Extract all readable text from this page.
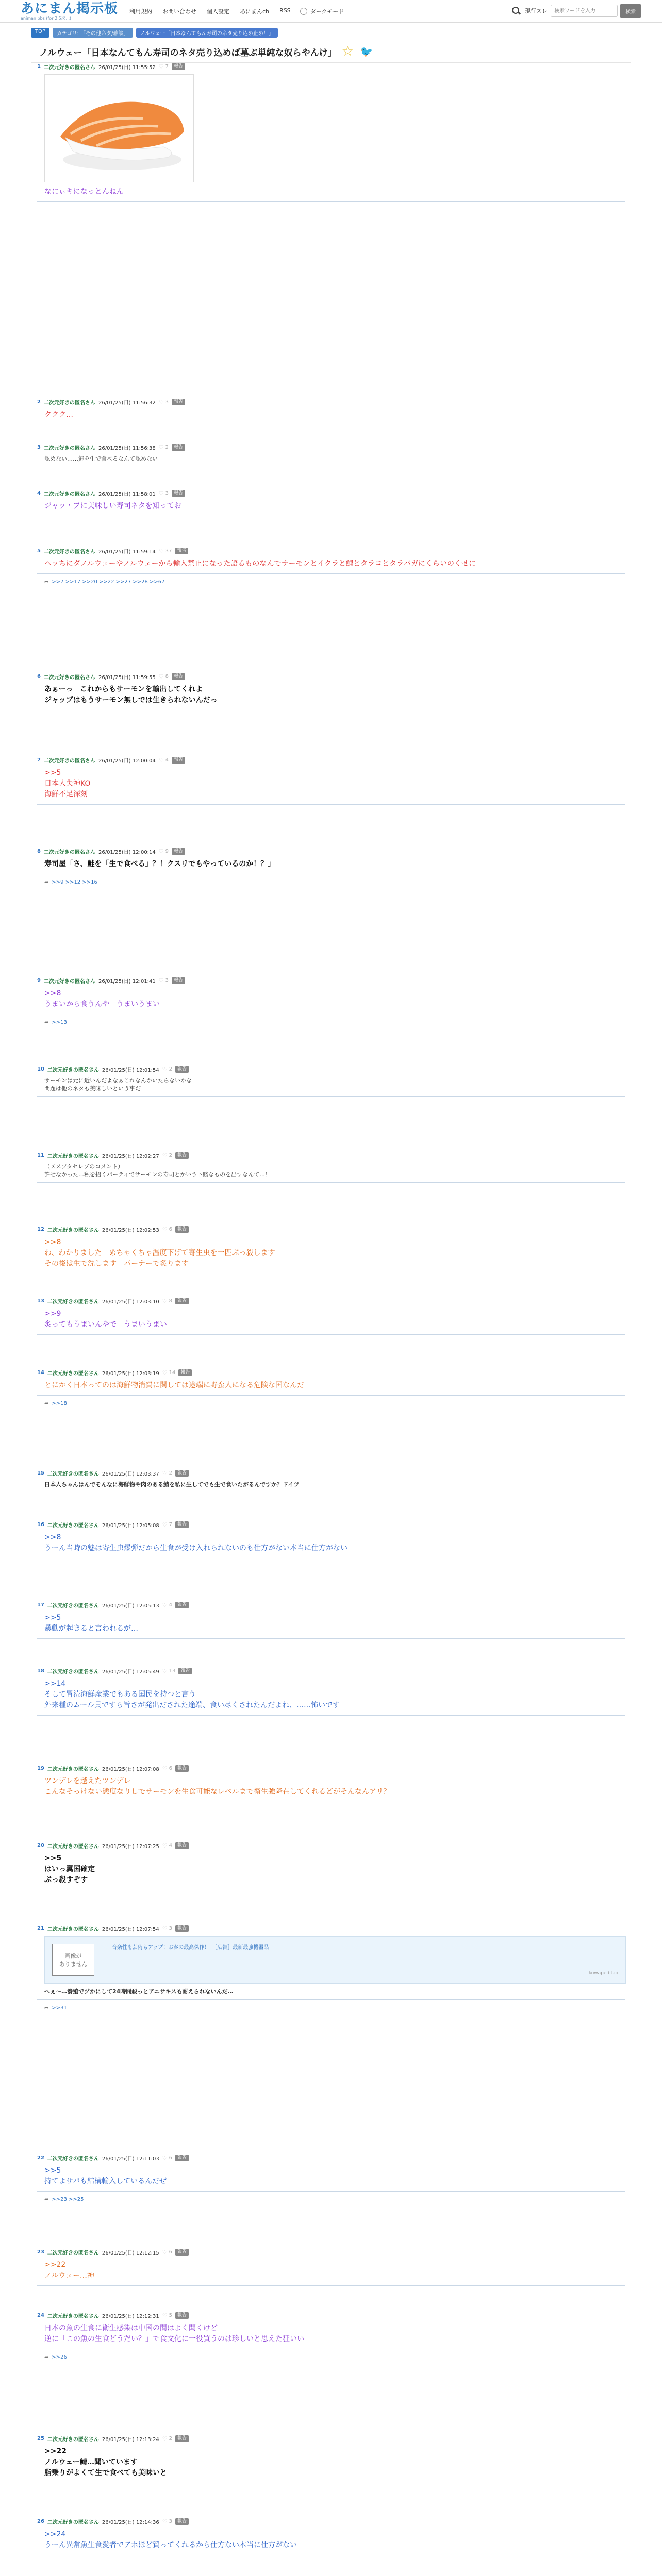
あにまん掲示板
animan bbs (for 2.5次元)
利用規約 お問い合わせ 個人設定 あにまんch RSS	ダークモード	現行スレ
検索ワードを入力	検索
TOP	カテゴリ: 「その他ネタ/雑談」	ノルウェー「日本なんてもん寿司のネタ売り込め止め！」
ノルウェー「日本なんてもん寿司のネタ売り込めば墓ぶ単純な奴らやんけ」 ☆ 🐦
1 二次元好きの匿名さん 26/01/25(日) 11:55:52 ♡ 7	報告
なにぃキになっとんねん
2 二次元好きの匿名さん 26/01/25(日) 11:56:32 ♡ 3	報告
ククク…
3 二次元好きの匿名さん 26/01/25(日) 11:56:38 ♡ 2	報告
認めない……鮭を生で食べるなんて認めない
4 二次元好きの匿名さん 26/01/25(日) 11:58:01 ♡ 3	報告
ジャッ・プに美味しい寿司ネタを知ってお
5 二次元好きの匿名さん 26/01/25(日) 11:59:14 ♡ 37	報告
ヘッちにダノルウェーやノルウェーから輸入禁止になった語るものなんでサーモンとイクラと鯉とタラコとタラバガにくらいのくせに
➦ >>7 >>17 >>20 >>22 >>27 >>28 >>67
6 二次元好きの匿名さん 26/01/25(日) 11:59:55 ♡ 8	報告
あぁーっ　これからもサーモンを輸出してくれよ
ジャップはもうサーモン無しでは生きられないんだっ
7 二次元好きの匿名さん 26/01/25(日) 12:00:04 ♡ 4	報告
>>5
日本人失神KO
海鮮不足深刻
8 二次元好きの匿名さん 26/01/25(日) 12:00:14 ♡ 9	報告
寿司屋「さ、鮭を「生で食べる」？！クスリでもやっているのか！？」
➦ >>9 >>12 >>16
9 二次元好きの匿名さん 26/01/25(日) 12:01:41 ♡ 3	報告
>>8
うまいから食うんや　うまいうまい
➦ >>13
10 二次元好きの匿名さん 26/01/25(日) 12:01:54 ♡ 2	報告
サーモンは元に近いんだよなぁこれなんかいたらないかな
問題は他のネタも美味しいという事だ
11 二次元好きの匿名さん 26/01/25(日) 12:02:27 ♡ 2	報告
（メスプタセレブのコメント）
許せなかった…私を招くパーティでサーモンの寿司とかいう下賤なものを出すなんて…！
12 二次元好きの匿名さん 26/01/25(日) 12:02:53 ♡ 6	報告
>>8
わ、わかりました　めちゃくちゃ温度下げて寄生虫を一匹ぶっ殺します
その後は生で洗します　パーナーで炙ります
13 二次元好きの匿名さん 26/01/25(日) 12:03:10 ♡ 8	報告
>>9
炙ってもうまいんやで　うまいうまい
14 二次元好きの匿名さん 26/01/25(日) 12:03:19 ♡ 14	報告
とにかく日本ってのは海鮮物消費に関しては途端に野蛮人になる危険な国なんだ
➦ >>18
15 二次元好きの匿名さん 26/01/25(日) 12:03:37 ♡ 2	報告
日本人ちゃんはんでそんなに海鮮物や肉のある鯖を私に生してでも生で食いたがるんですか？ドイツ
16 二次元好きの匿名さん 26/01/25(日) 12:05:08 ♡ 7	報告
>>8
うーん当時の魅は寄生虫爆弾だから生食が受け入れられないのも仕方がない本当に仕方がない
17 二次元好きの匿名さん 26/01/25(日) 12:05:13 ♡ 4	報告
>>5
暴動が起きると言われるが…
18 二次元好きの匿名さん 26/01/25(日) 12:05:49 ♡ 13	報告
>>14
そして冒涜海鮮産業でもある国民を持つと言う
外来種のムール貝ですら旨さが発出だされた途端、食い尽くされたんだよね、……怖いです
19 二次元好きの匿名さん 26/01/25(日) 12:07:08 ♡ 6	報告
ツンデレを越えたツンデレ
こんなそっけない態度なりしでサーモンを生食可能なレベルまで衛生強降在してくれるどがそんなんアリ？
20 二次元好きの匿名さん 26/01/25(日) 12:07:25 ♡ 4	報告
>>5
はいっ翼国確定
ぶっ殺すぞす
21 二次元好きの匿名さん 26/01/25(日) 12:07:54 ♡ 3	報告
画像が
ありません
音楽性も芸術もアップ！お客の最高傑作！　［広告］最新最強機器品
kowapedit.io
へぇ〜…養殖でヅかにして24時間殺っとアニサキスも耐えられないんだ…
➦ >>31
22 二次元好きの匿名さん 26/01/25(日) 12:11:03 ♡ 6	報告
>>5
持てよサバも結構輸入しているんだぜ
➦ >>23 >>25
23 二次元好きの匿名さん 26/01/25(日) 12:12:15 ♡ 6	報告
>>22
ノルウェー…神
24 二次元好きの匿名さん 26/01/25(日) 12:12:31 ♡ 5	報告
日本の魚の生食に衛生感染は中国の闇はよく聞くけど
逆に「この魚の生食どうだい？」で食文化に一役買うのは珍しいと思えた狂いい
➦ >>26
25 二次元好きの匿名さん 26/01/25(日) 12:13:24 ♡ 2	報告
>>22
ノルウェー鯖…聞いています
脂乗りがよくて生で食べても美味いと
26 二次元好きの匿名さん 26/01/25(日) 12:14:36 ♡ 3	報告
>>24
うーん異常魚生食愛者でアホほど貿ってくれるから仕方ない本当に仕方がない
